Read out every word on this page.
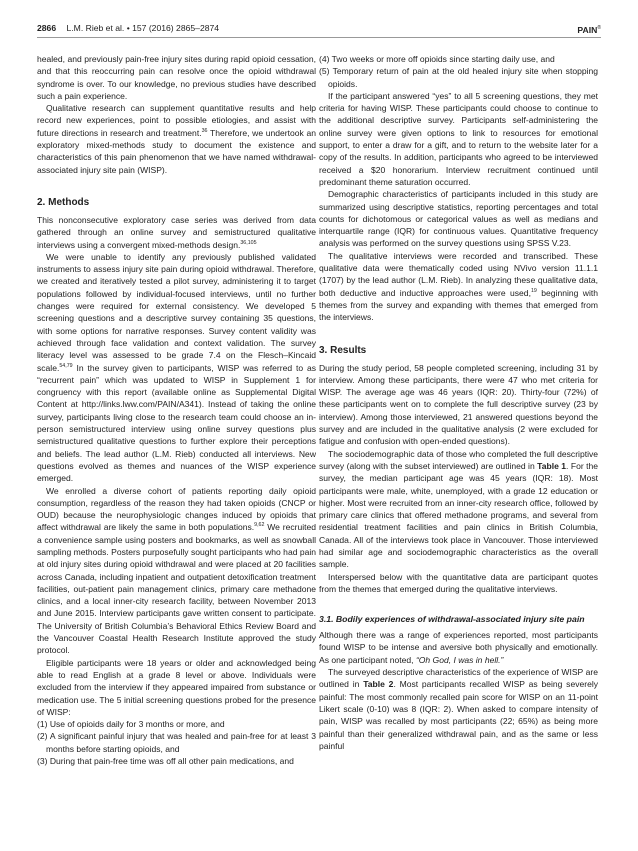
2866 L.M. Rieb et al. • 157 (2016) 2865–2874	PAIN®

healed, and previously pain-free injury sites during rapid opioid cessation, and that this reoccurring pain can resolve once the opioid withdrawal syndrome is over. To our knowledge, no previous studies have described such a pain experience.

Qualitative research can supplement quantitative results and help record new experiences, point to possible etiologies, and assist with future directions in research and treatment.$^{36}$ Therefore, we undertook an exploratory mixed-methods study to document the existence and characteristics of this pain phenomenon that we have named withdrawal-associated injury site pain (WISP).

2. Methods

This nonconsecutive exploratory case series was derived from data gathered through an online survey and semistructured qualitative interviews using a convergent mixed-methods design.$^{36,105}$

We were unable to identify any previously published validated instruments to assess injury site pain during opioid withdrawal. Therefore, we created and iteratively tested a pilot survey, administering it to target populations followed by individual-focused interviews, until no further changes were required for external consistency. We developed 5 screening questions and a descriptive survey containing 35 questions, with some options for narrative responses. Survey content validity was achieved through face validation and context validation. The survey literacy level was assessed to be grade 7.4 on the Flesch–Kincaid scale.$^{54,79}$ In the survey given to participants, WISP was referred to as “recurrent pain” which was updated to WISP in Supplement 1 for congruency with this report (available online as Supplemental Digital Content at http://links.lww.com/PAIN/A341). Instead of taking the online survey, participants living close to the research team could choose an in-person semistructured interview using online survey questions plus semistructured qualitative questions to further explore their perceptions and beliefs. The lead author (L.M. Rieb) conducted all interviews. New questions evolved as themes and nuances of the WISP experience emerged.

We enrolled a diverse cohort of patients reporting daily opioid consumption, regardless of the reason they had taken opioids (CNCP or OUD) because the neurophysiologic changes induced by opioids that affect withdrawal are likely the same in both populations.$^{9,62}$ We recruited a convenience sample using posters and bookmarks, as well as snowball sampling methods. Posters purposefully sought participants who had pain at old injury sites during opioid withdrawal and were placed at 20 facilities across Canada, including inpatient and outpatient detoxification treatment facilities, out-patient pain management clinics, primary care methadone clinics, and a local inner-city research facility, between November 2013 and June 2015. Interview participants gave written consent to participate. The University of British Columbia’s Behavioral Ethics Review Board and the Vancouver Coastal Health Research Institute approved the study protocol.

Eligible participants were 18 years or older and acknowledged being able to read English at a grade 8 level or above. Individuals were excluded from the interview if they appeared impaired from substance or medication use. The 5 initial screening questions probed for the presence of WISP:

(1) Use of opioids daily for 3 months or more, and
(2) A significant painful injury that was healed and pain-free for at least 3 months before starting opioids, and
(3) During that pain-free time was off all other pain medications, and
(4) Two weeks or more off opioids since starting daily use, and
(5) Temporary return of pain at the old healed injury site when stopping opioids.

If the participant answered “yes” to all 5 screening questions, they met criteria for having WISP. These participants could choose to continue to the additional descriptive survey. Participants self-administering the online survey were given options to link to resources for emotional support, to enter a draw for a gift, and to return to the website later for a copy of the results. In addition, participants who agreed to be interviewed received a $20 honorarium. Interview recruitment continued until predominant theme saturation occurred.

Demographic characteristics of participants included in this study are summarized using descriptive statistics, reporting percentages and total counts for dichotomous or categorical values as well as medians and interquartile range (IQR) for continuous values. Quantitative frequency analysis was performed on the survey questions using SPSS V.23.

The qualitative interviews were recorded and transcribed. These qualitative data were thematically coded using NVivo version 11.1.1 (1707) by the lead author (L.M. Rieb). In analyzing these qualitative data, both deductive and inductive approaches were used,$^{19}$ beginning with themes from the survey and expanding with themes that emerged from the interviews.

3. Results

During the study period, 58 people completed screening, including 31 by interview. Among these participants, there were 47 who met criteria for WISP. The average age was 46 years (IQR: 20). Thirty-four (72%) of these participants went on to complete the full descriptive survey (23 by interview). Among those interviewed, 21 answered questions beyond the survey and are included in the qualitative analysis (2 were excluded for fatigue and confusion with open-ended questions).

The sociodemographic data of those who completed the full descriptive survey (along with the subset interviewed) are outlined in Table 1. For the survey, the median participant age was 45 years (IQR: 18). Most participants were male, white, unemployed, with a grade 12 education or higher. Most were recruited from an inner-city research office, followed by primary care clinics that offered methadone programs, and several from residential treatment facilities and pain clinics in British Columbia, Canada. All of the interviews took place in Vancouver. Those interviewed had similar age and sociodemographic characteristics as the overall sample.

Interspersed below with the quantitative data are participant quotes from the themes that emerged during the qualitative interviews.

3.1. Bodily experiences of withdrawal-associated injury site pain

Although there was a range of experiences reported, most participants found WISP to be intense and aversive both physically and emotionally. As one participant noted, “Oh God, I was in hell.”

The surveyed descriptive characteristics of the experience of WISP are outlined in Table 2. Most participants recalled WISP as being severely painful: The most commonly recalled pain score for WISP on an 11-point Likert scale (0-10) was 8 (IQR: 2). When asked to compare intensity of pain, WISP was recalled by most participants (22; 65%) as being more painful than their generalized withdrawal pain, and as the same or less painful
